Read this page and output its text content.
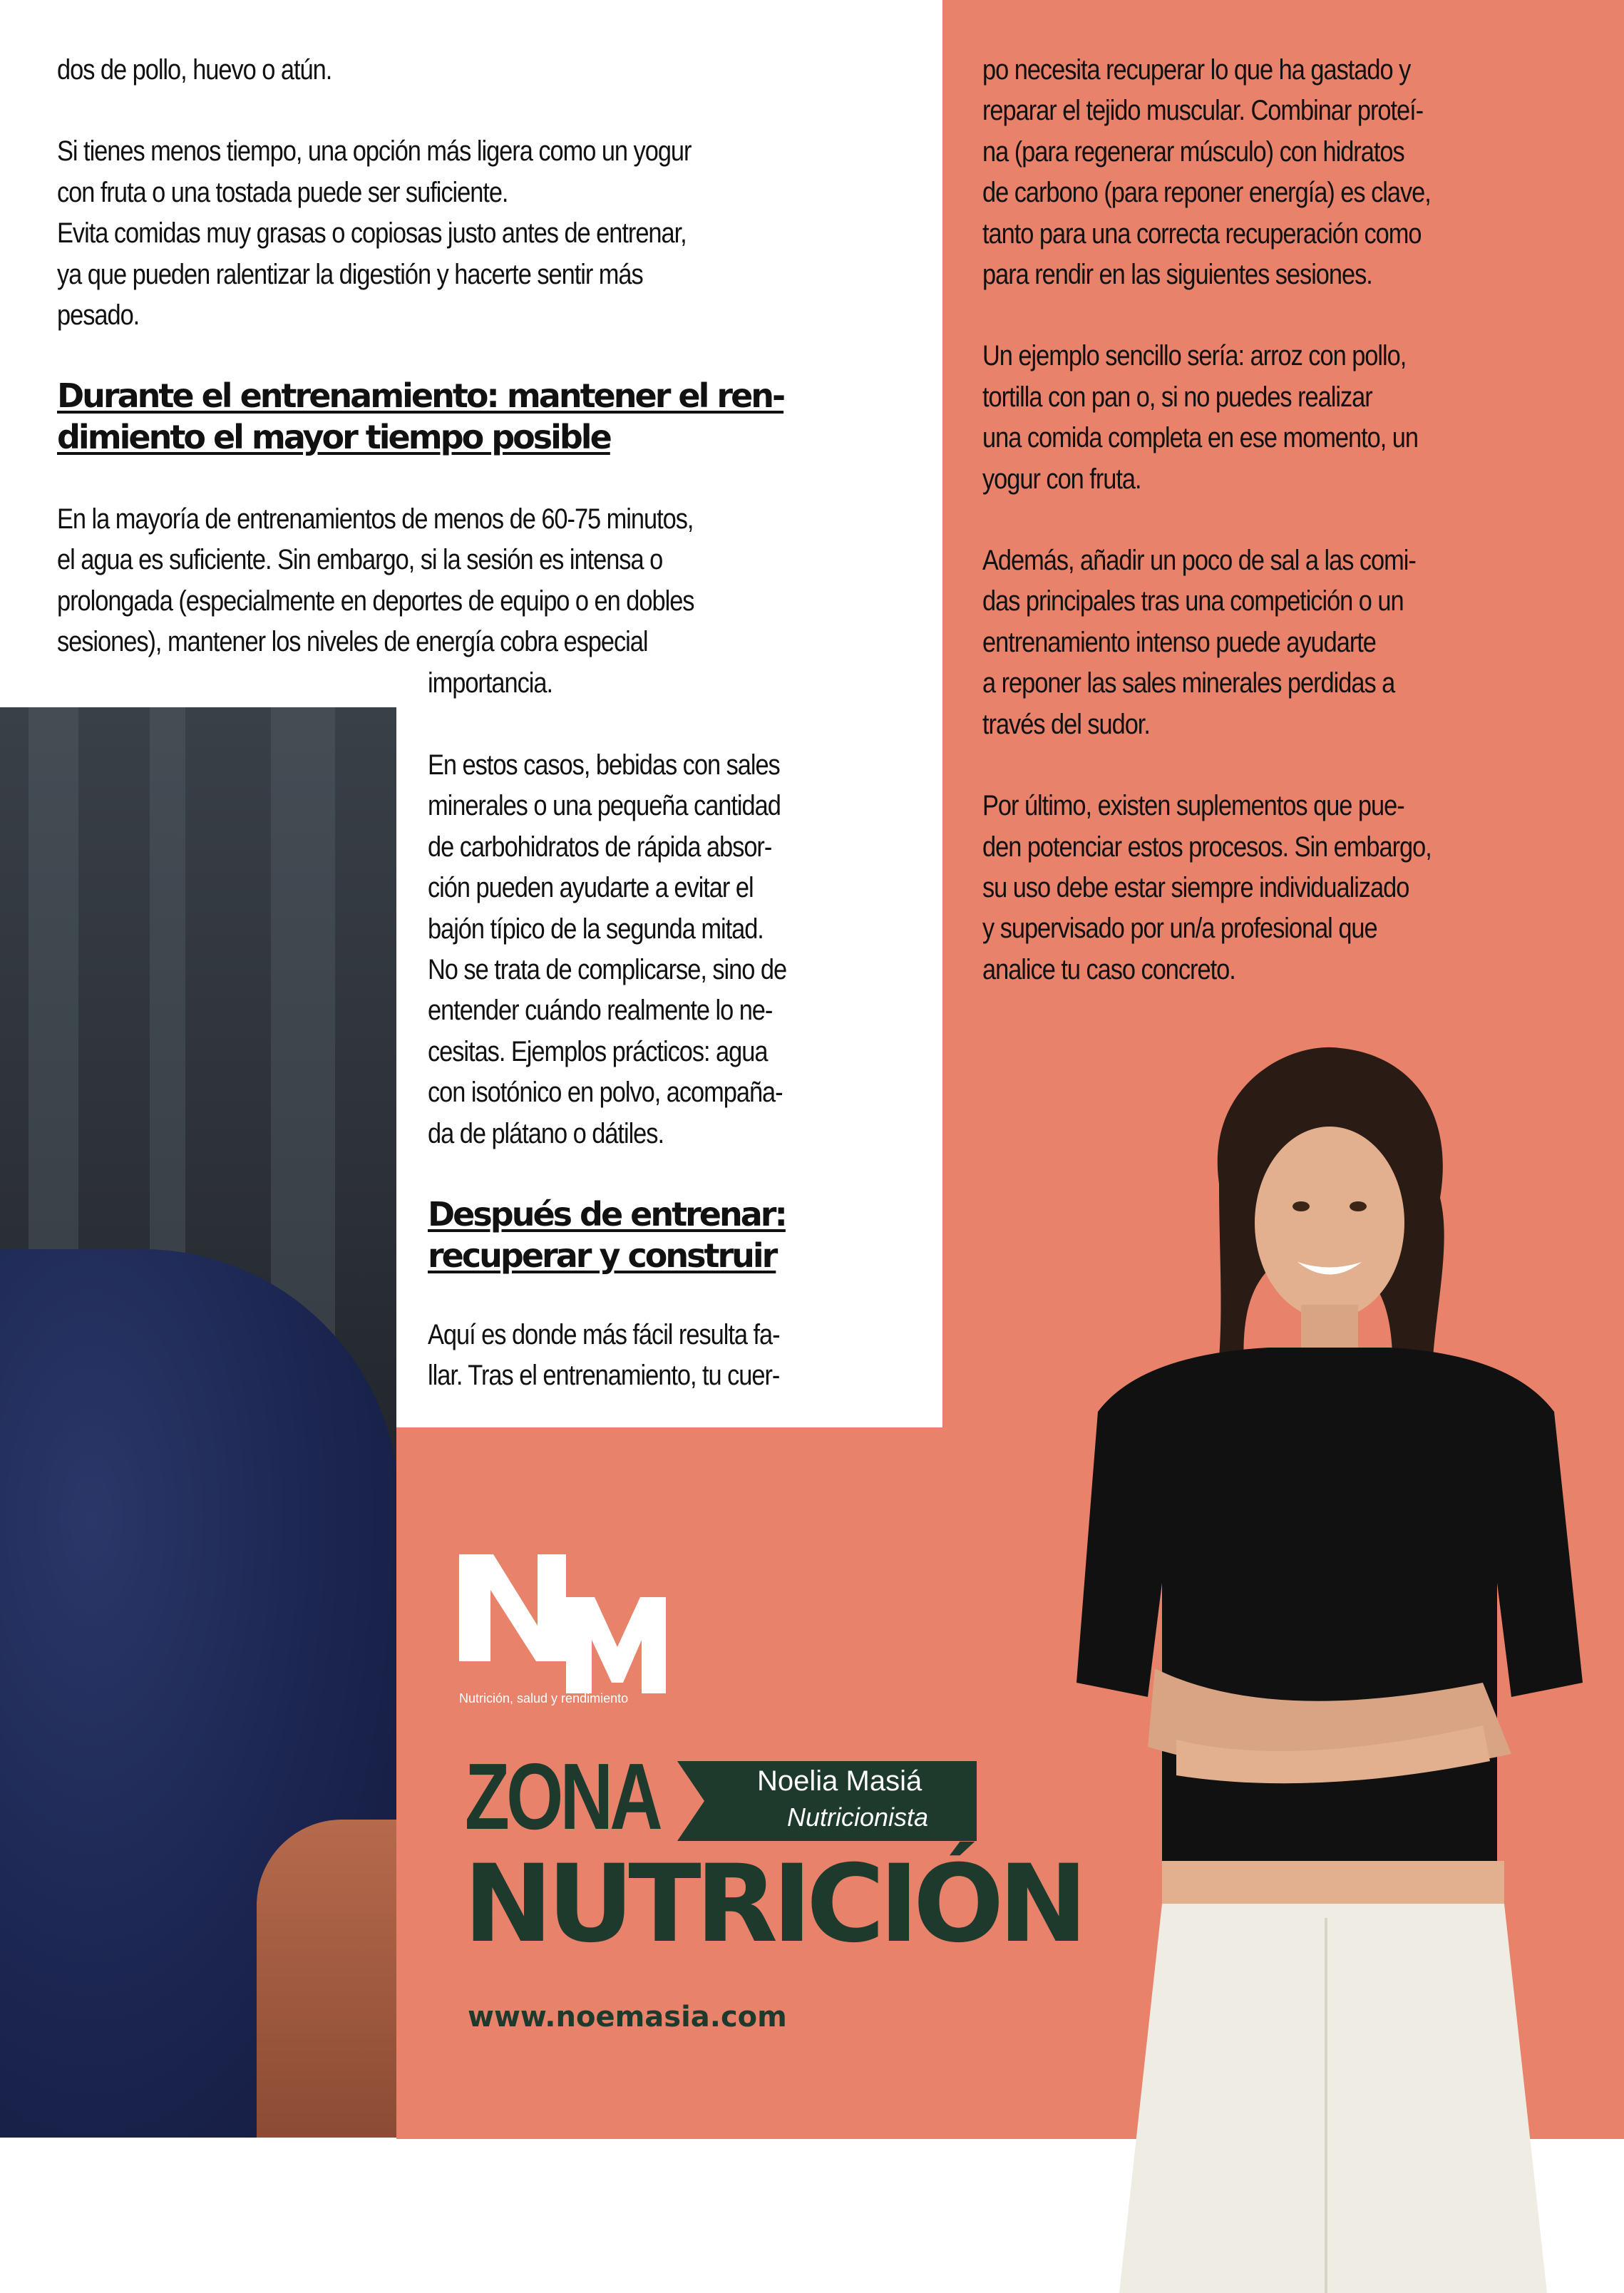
dos de pollo, huevo o atún.
Si tienes menos tiempo, una opción más ligera como un yogur
con fruta o una tostada puede ser suficiente.
Evita comidas muy grasas o copiosas justo antes de entrenar,
ya que pueden ralentizar la digestión y hacerte sentir más
pesado.
Durante el entrenamiento: mantener el ren-
dimiento el mayor tiempo posible
En la mayoría de entrenamientos de menos de 60-75 minutos,
el agua es suficiente. Sin embargo, si la sesión es intensa o
prolongada (especialmente en deportes de equipo o en dobles
sesiones), mantener los niveles de energía cobra especial
importancia.
En estos casos, bebidas con sales
minerales o una pequeña cantidad
de carbohidratos de rápida absor-
ción pueden ayudarte a evitar el
bajón típico de la segunda mitad.
No se trata de complicarse, sino de
entender cuándo realmente lo ne-
cesitas. Ejemplos prácticos: agua
con isotónico en polvo, acompaña-
da de plátano o dátiles.
Después de entrenar:
recuperar y construir
Aquí es donde más fácil resulta fa-
llar. Tras el entrenamiento, tu cuer-
po necesita recuperar lo que ha gastado y
reparar el tejido muscular. Combinar proteí-
na (para regenerar músculo) con hidratos
de carbono (para reponer energía) es clave,
tanto para una correcta recuperación como
para rendir en las siguientes sesiones.
Un ejemplo sencillo sería: arroz con pollo,
tortilla con pan o, si no puedes realizar
una comida completa en ese momento, un
yogur con fruta.
Además, añadir un poco de sal a las comi-
das principales tras una competición o un
entrenamiento intenso puede ayudarte
a reponer las sales minerales perdidas a
través del sudor.
Por último, existen suplementos que pue-
den potenciar estos procesos. Sin embargo,
su uso debe estar siempre individualizado
y supervisado por un/a profesional que
analice tu caso concreto.
Nutrición, salud y rendimiento
ZONA	Noelia Masiá
Nutricionista
NUTRICIÓN
www.noemasia.com
